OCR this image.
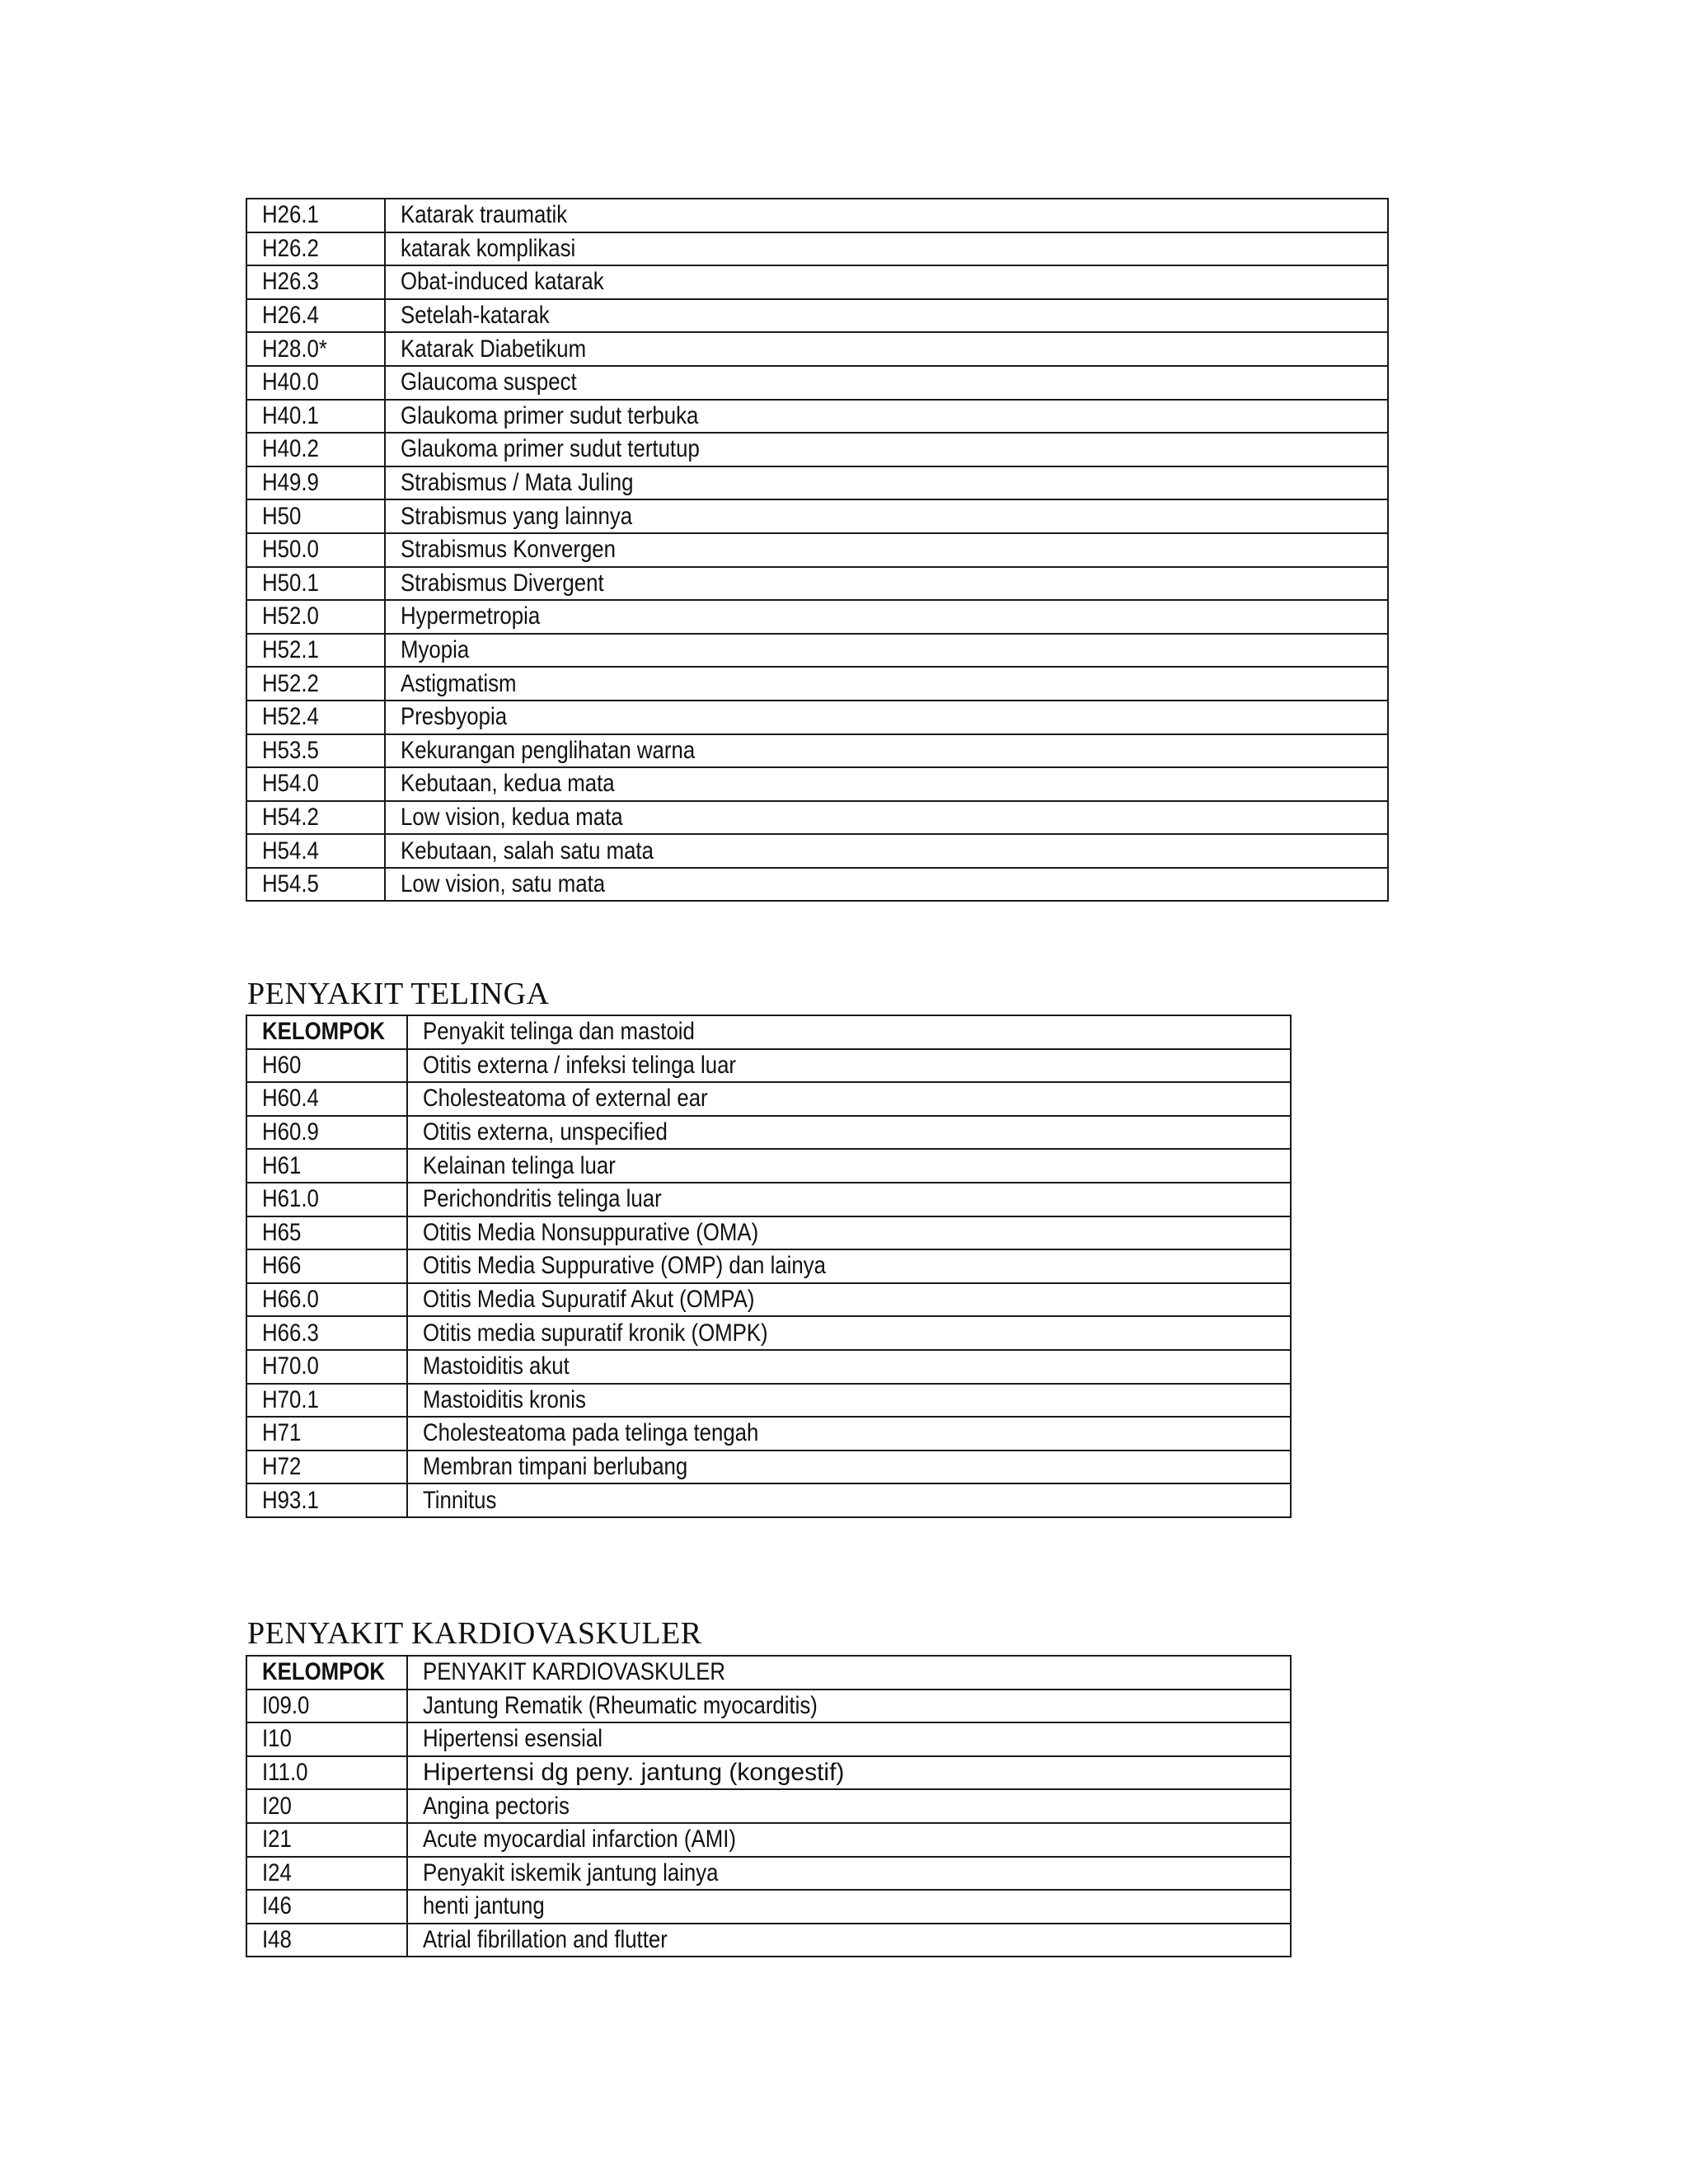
H26.1	Katarak traumatik
H26.2	katarak komplikasi
H26.3	Obat-induced katarak
H26.4	Setelah-katarak
H28.0*	Katarak Diabetikum
H40.0	Glaucoma suspect
H40.1	Glaukoma primer sudut terbuka
H40.2	Glaukoma primer sudut tertutup
H49.9	Strabismus / Mata Juling
H50	Strabismus yang lainnya
H50.0	Strabismus Konvergen
H50.1	Strabismus Divergent
H52.0	Hypermetropia
H52.1	Myopia
H52.2	Astigmatism
H52.4	Presbyopia
H53.5	Kekurangan penglihatan warna
H54.0	Kebutaan, kedua mata
H54.2	Low vision, kedua mata
H54.4	Kebutaan, salah satu mata
H54.5	Low vision, satu mata
PENYAKIT TELINGA
KELOMPOK	Penyakit telinga dan mastoid
H60	Otitis externa / infeksi telinga luar
H60.4	Cholesteatoma of external ear
H60.9	Otitis externa, unspecified
H61	Kelainan telinga luar
H61.0	Perichondritis telinga luar
H65	Otitis Media Nonsuppurative (OMA)
H66	Otitis Media Suppurative (OMP) dan lainya
H66.0	Otitis Media Supuratif Akut (OMPA)
H66.3	Otitis media supuratif kronik (OMPK)
H70.0	Mastoiditis akut
H70.1	Mastoiditis kronis
H71	Cholesteatoma pada telinga tengah
H72	Membran timpani berlubang
H93.1	Tinnitus
PENYAKIT KARDIOVASKULER
KELOMPOK	PENYAKIT KARDIOVASKULER
I09.0	Jantung Rematik (Rheumatic myocarditis)
I10	Hipertensi esensial
I11.0	Hipertensi dg peny. jantung (kongestif)
I20	Angina pectoris
I21	Acute myocardial infarction (AMI)
I24	Penyakit iskemik jantung lainya
I46	henti jantung
I48	Atrial fibrillation and flutter
